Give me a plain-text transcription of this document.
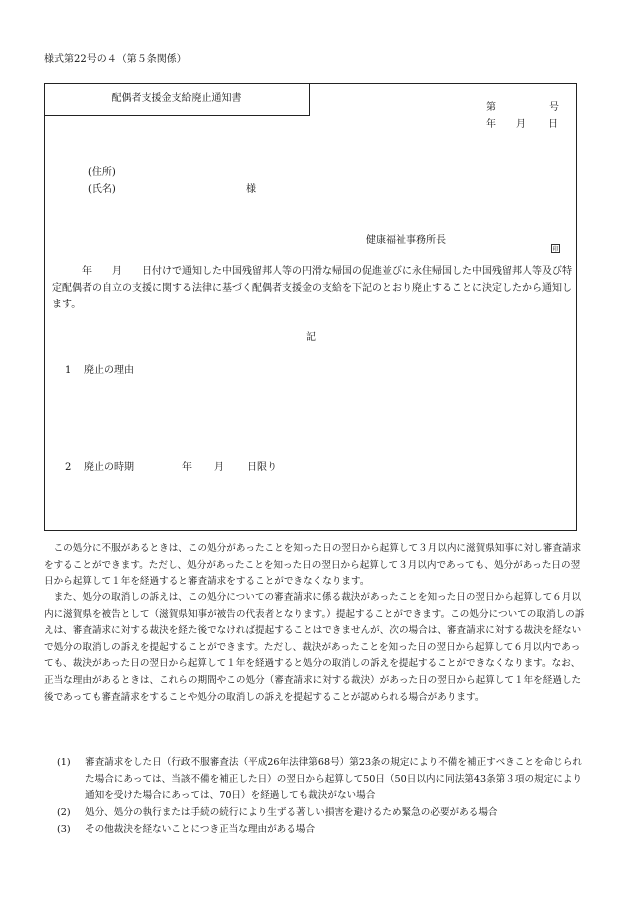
様式第22号の４（第５条関係）
配偶者支援金支給廃止通知書
第	号
年 月 日
(住所)
(氏名)	様
健康福祉事務所長
印
　　　年　　月　　日付けで通知した中国残留邦人等の円滑な帰国の促進並びに永住帰国した中国残留邦人等及び特定配偶者の自立の支援に関する法律に基づく配偶者支援金の支給を下記のとおり廃止することに決定したから通知します。
記
1 廃止の理由
2 廃止の時期	年 月 日限り
　この処分に不服があるときは、この処分があったことを知った日の翌日から起算して３月以内に滋賀県知事に対し審査請求をすることができます。ただし、処分があったことを知った日の翌日から起算して３月以内であっても、処分があった日の翌日から起算して１年を経過すると審査請求をすることができなくなります。
　また、処分の取消しの訴えは、この処分についての審査請求に係る裁決があったことを知った日の翌日から起算して６月以内に滋賀県を被告として（滋賀県知事が被告の代表者となります。）提起することができます。この処分についての取消しの訴えは、審査請求に対する裁決を経た後でなければ提起することはできませんが、次の場合は、審査請求に対する裁決を経ないで処分の取消しの訴えを提起することができます。ただし、裁決があったことを知った日の翌日から起算して６月以内であっても、裁決があった日の翌日から起算して１年を経過すると処分の取消しの訴えを提起することができなくなります。なお、正当な理由があるときは、これらの期間やこの処分（審査請求に対する裁決）があった日の翌日から起算して１年を経過した後であっても審査請求をすることや処分の取消しの訴えを提起することが認められる場合があります。
(1)	審査請求をした日（行政不服審査法（平成26年法律第68号）第23条の規定により不備を補正すべきことを命じられた場合にあっては、当該不備を補正した日）の翌日から起算して50日（50日以内に同法第43条第３項の規定により通知を受けた場合にあっては、70日）を経過しても裁決がない場合
(2)	処分、処分の執行または手続の続行により生ずる著しい損害を避けるため緊急の必要がある場合
(3)	その他裁決を経ないことにつき正当な理由がある場合
